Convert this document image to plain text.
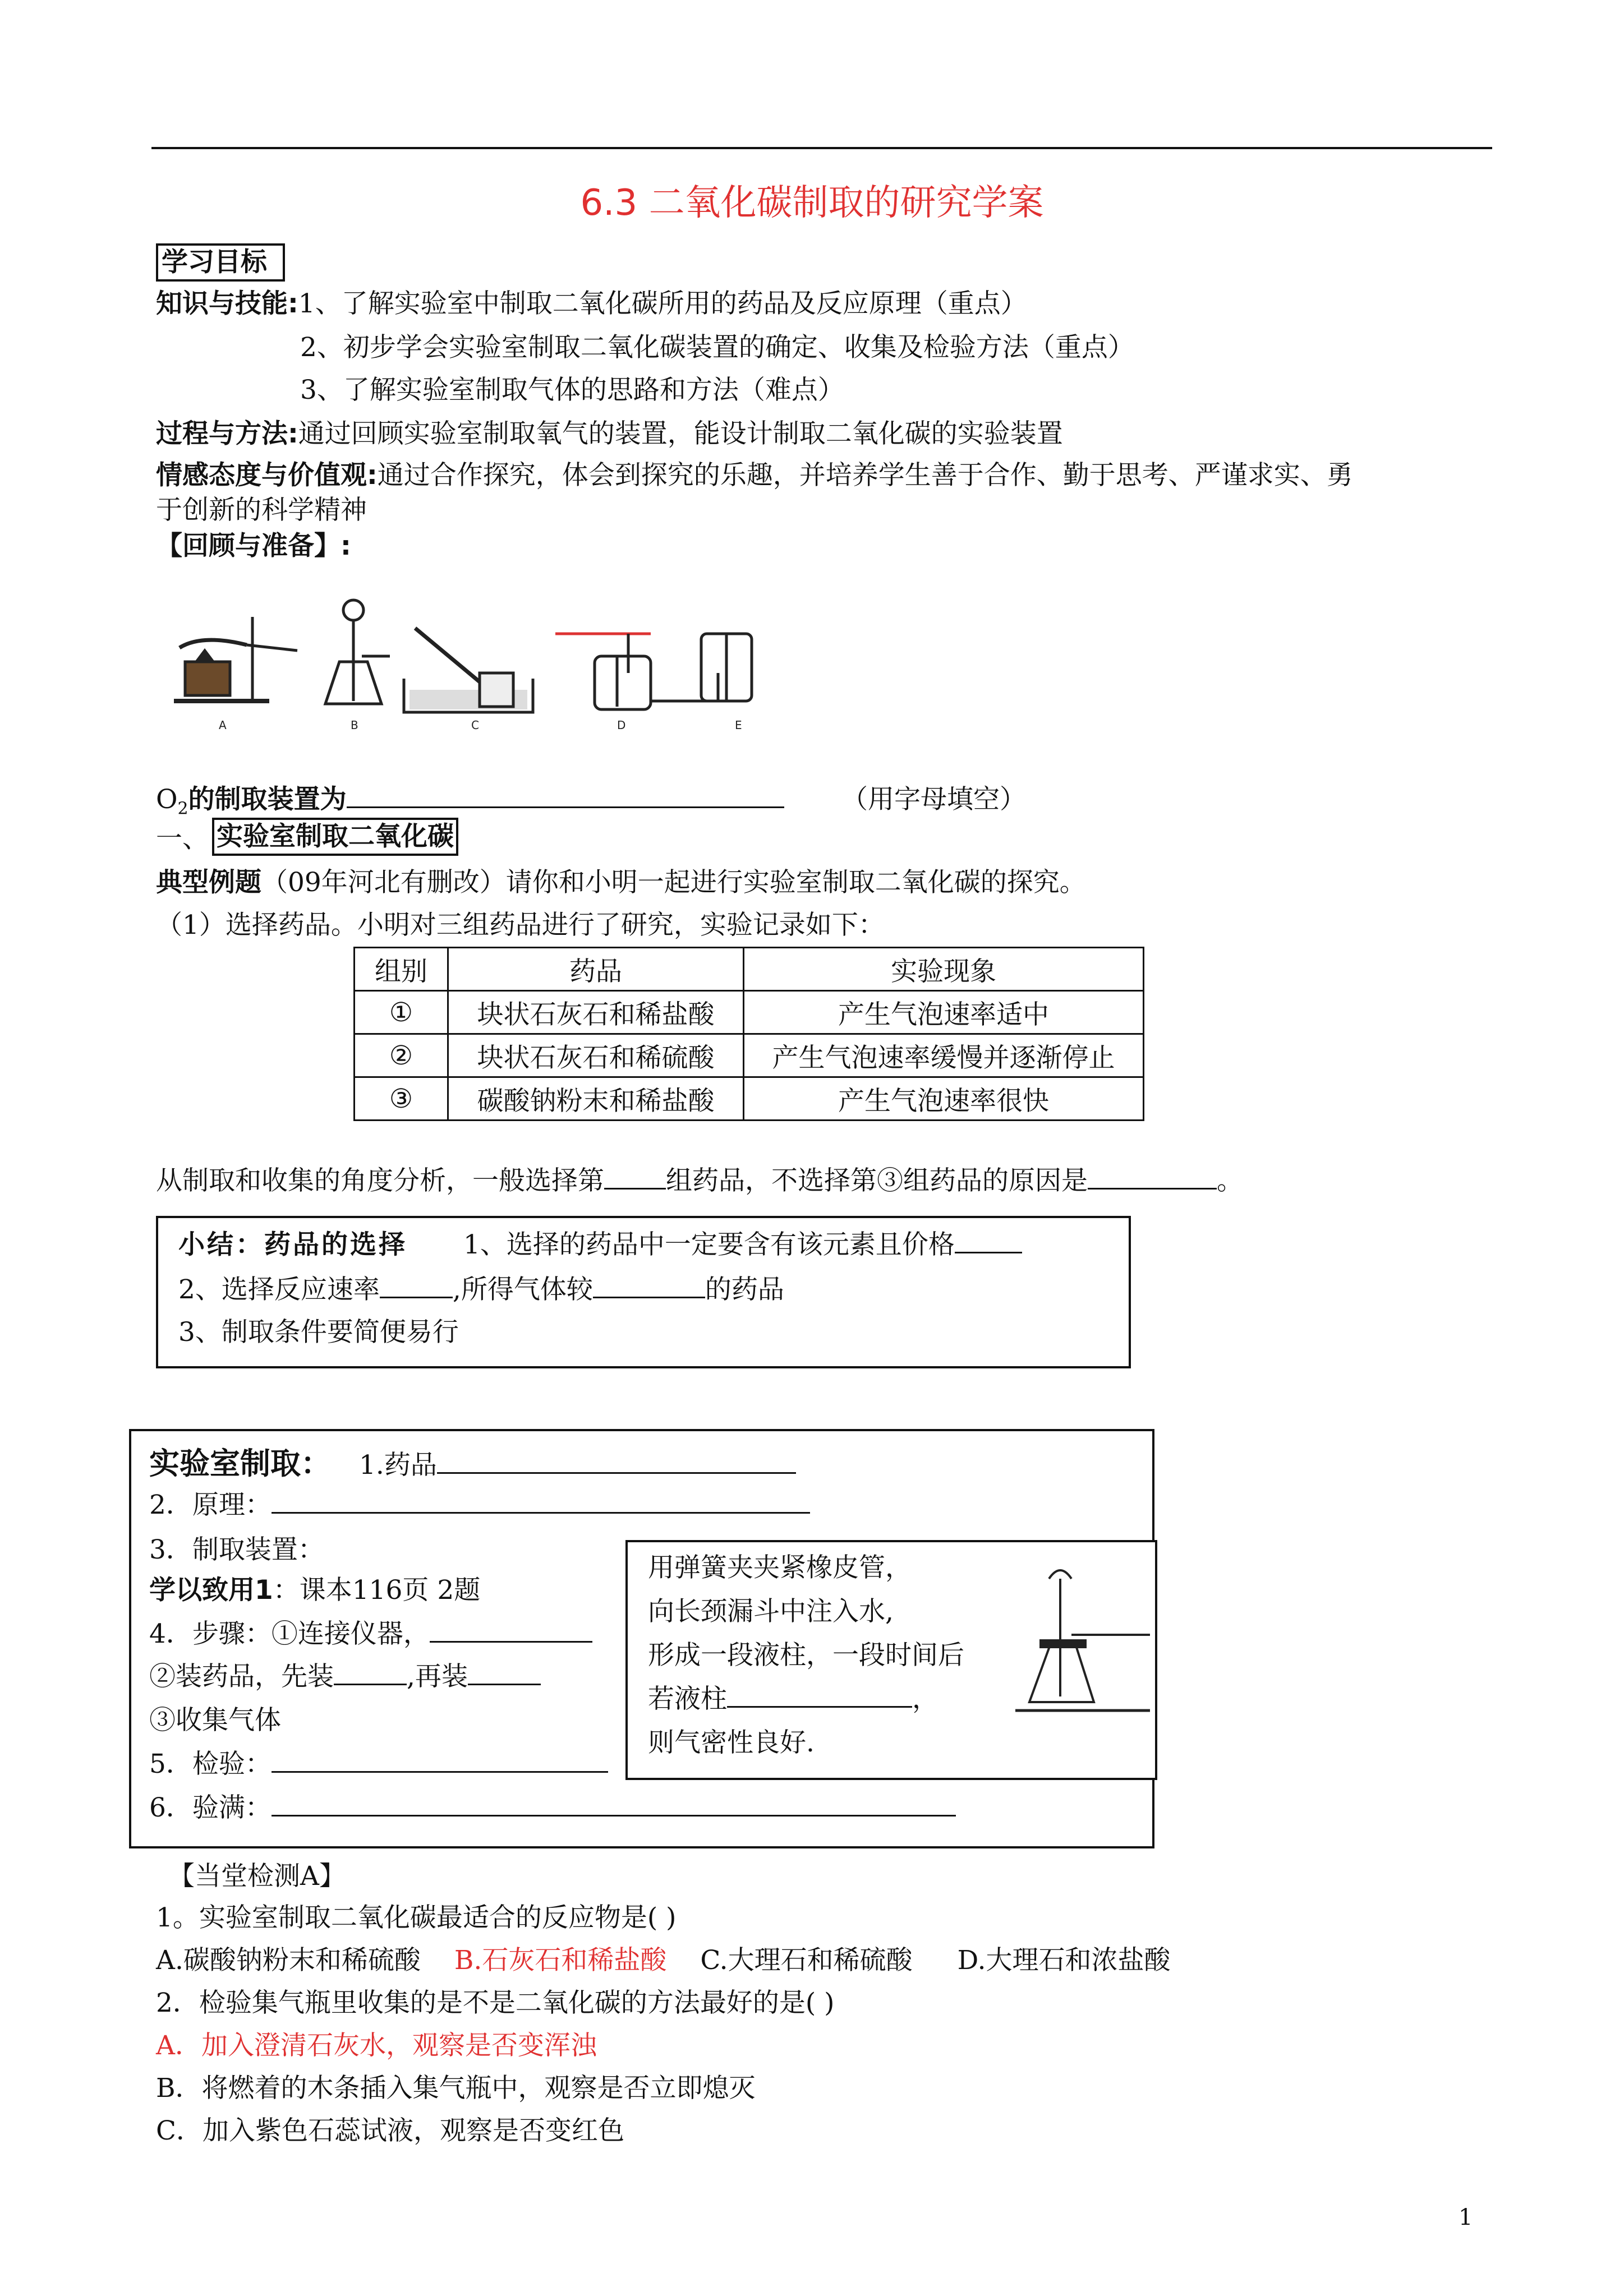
6.3 二氧化碳制取的研究学案
学习目标
知识与技能:1、了解实验室中制取二氧化碳所用的药品及反应原理（重点）
2、初步学会实验室制取二氧化碳装置的确定、收集及检验方法（重点）
3、了解实验室制取气体的思路和方法（难点）
过程与方法:通过回顾实验室制取氧气的装置，能设计制取二氧化碳的实验装置
情感态度与价值观:通过合作探究，体会到探究的乐趣，并培养学生善于合作、勤于思考、严谨求实、勇
于创新的科学精神
【回顾与准备】:
A	B	C	D	E
$O_2$的制取装置为	（用字母填空）
一、 实验室制取二氧化碳
典型例题（09年河北有删改）请你和小明一起进行实验室制取二氧化碳的探究。
（1）选择药品。小明对三组药品进行了研究，实验记录如下：
组别	药品	实验现象
①	块状石灰石和稀盐酸	产生气泡速率适中
②	块状石灰石和稀硫酸	产生气泡速率缓慢并逐渐停止
③	碳酸钠粉末和稀盐酸	产生气泡速率很快
从制取和收集的角度分析，一般选择第 组药品，不选择第③组药品的原因是	。
小结：药品的选择 1、选择的药品中一定要含有该元素且价格
2、选择反应速率	,所得气体较	的药品
3、制取条件要简便易行
实验室制取： 1.药品
2．原理：
3．制取装置：
学以致用1：课本116页 2题
4．步骤：①连接仪器，
②装药品，先装	,再装
③收集气体
5．检验：
6．验满：
用弹簧夹夹紧橡皮管，
向长颈漏斗中注入水,
形成一段液柱，一段时间后
若液柱	，
则气密性良好.
【当堂检测A】
1。实验室制取二氧化碳最适合的反应物是( )
A.碳酸钠粉末和稀硫酸 B.石灰石和稀盐酸 C.大理石和稀硫酸 D.大理石和浓盐酸
2．检验集气瓶里收集的是不是二氧化碳的方法最好的是( )
A．加入澄清石灰水，观察是否变浑浊
B．将燃着的木条插入集气瓶中，观察是否立即熄灭
C．加入紫色石蕊试液，观察是否变红色
1
